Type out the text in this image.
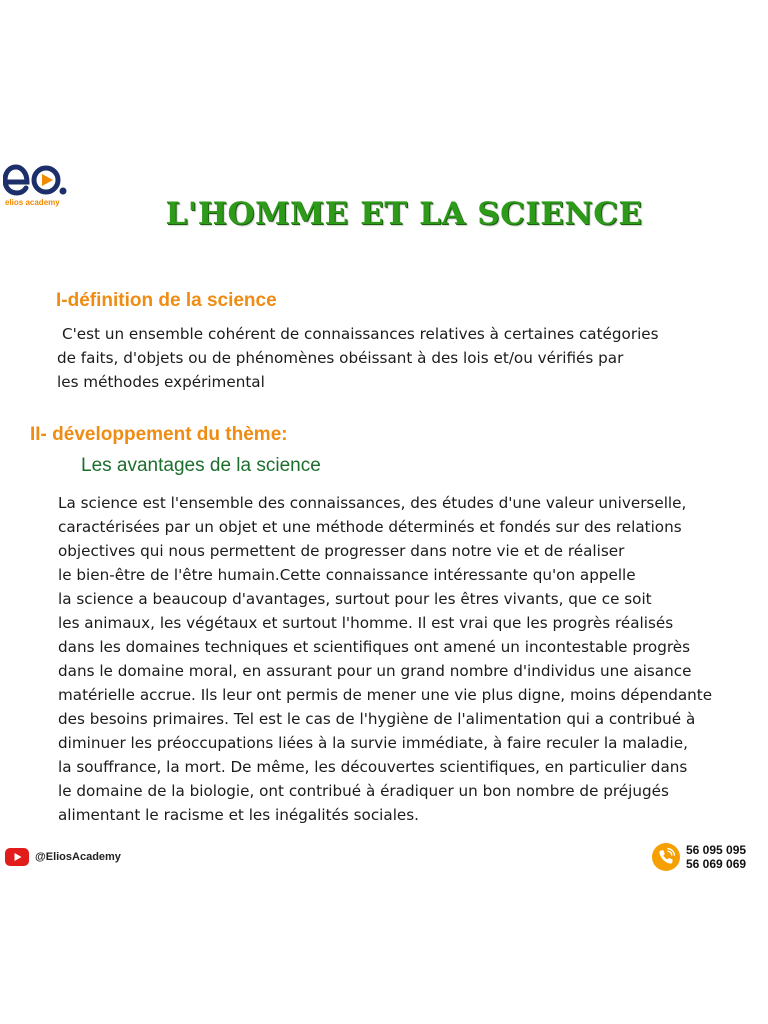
elios academy	L'HOMME ET LA SCIENCE
I-définition de la science
C'est un ensemble cohérent de connaissances relatives à certaines catégories
de faits, d'objets ou de phénomènes obéissant à des lois et/ou vérifiés par
les méthodes expérimental
II- développement du thème:
Les avantages de la science
La science est l'ensemble des connaissances, des études d'une valeur universelle,
caractérisées par un objet et une méthode déterminés et fondés sur des relations
objectives qui nous permettent de progresser dans notre vie et de réaliser
le bien-être de l'être humain.Cette connaissance intéressante qu'on appelle
la science a beaucoup d'avantages, surtout pour les êtres vivants, que ce soit
les animaux, les végétaux et surtout l'homme. Il est vrai que les progrès réalisés
dans les domaines techniques et scientifiques ont amené un incontestable progrès
dans le domaine moral, en assurant pour un grand nombre d'individus une aisance
matérielle accrue. Ils leur ont permis de mener une vie plus digne, moins dépendante
des besoins primaires. Tel est le cas de l'hygiène de l'alimentation qui a contribué à
diminuer les préoccupations liées à la survie immédiate, à faire reculer la maladie,
la souffrance, la mort. De même, les découvertes scientifiques, en particulier dans
le domaine de la biologie, ont contribué à éradiquer un bon nombre de préjugés
alimentant le racisme et les inégalités sociales.
@EliosAcademy	56 095 095
56 069 069
